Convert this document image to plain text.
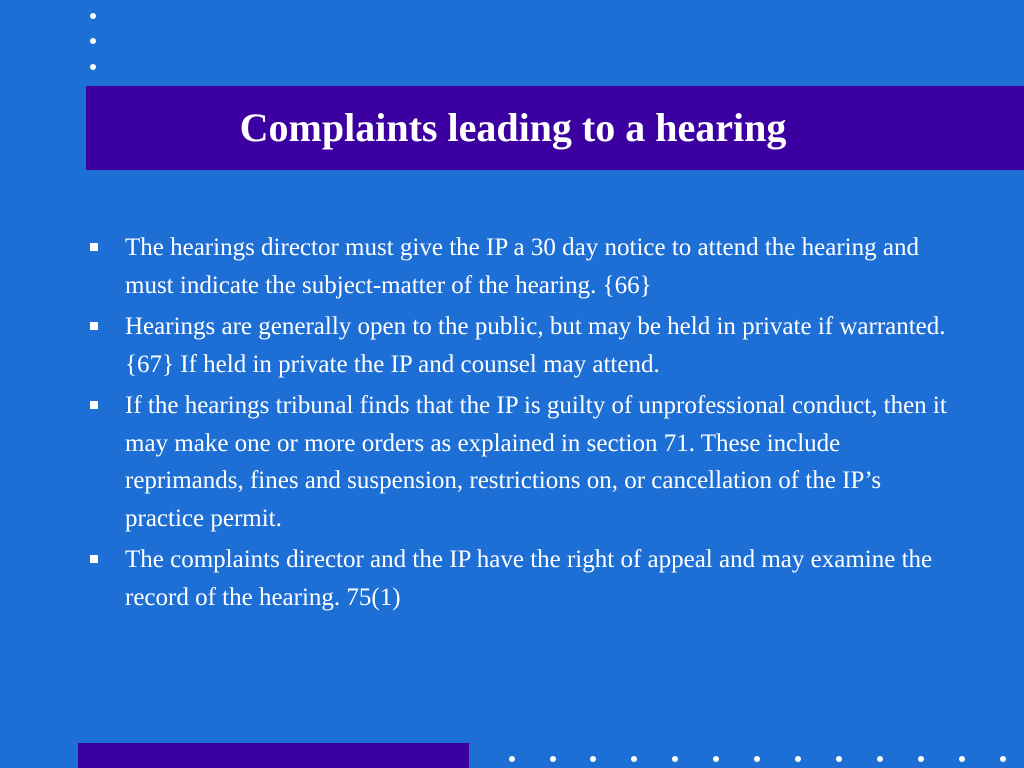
Complaints leading to a hearing
The hearings director must give the IP a 30 day notice to attend the hearing and must indicate the subject-matter of the hearing. {66}
Hearings are generally open to the public, but may be held in private if warranted. {67} If held in private the IP and counsel may attend.
If the hearings tribunal finds that the IP is guilty of unprofessional conduct, then it may make one or more orders as explained in section 71. These include reprimands, fines and suspension, restrictions on, or cancellation of the IP’s practice permit.
The complaints director and the IP have the right of appeal and may examine the record of the hearing. 75(1)
